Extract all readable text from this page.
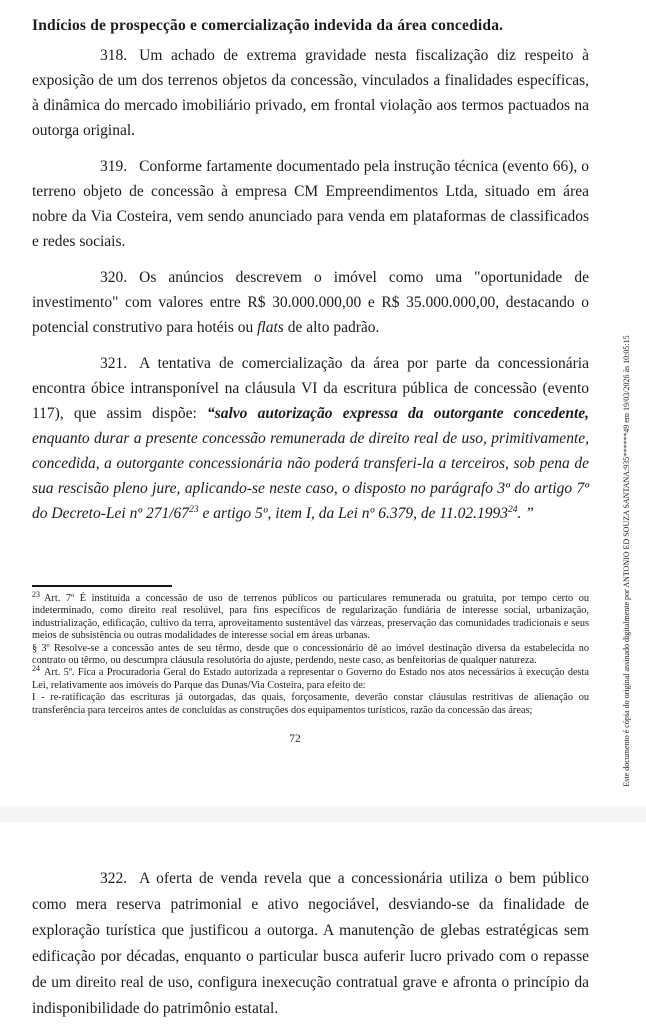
Indícios de prospecção e comercialização indevida da área concedida.

318. Um achado de extrema gravidade nesta fiscalização diz respeito à exposição de um dos terrenos objetos da concessão, vinculados a finalidades específicas, à dinâmica do mercado imobiliário privado, em frontal violação aos termos pactuados na outorga original.

319. Conforme fartamente documentado pela instrução técnica (evento 66), o terreno objeto de concessão à empresa CM Empreendimentos Ltda, situado em área nobre da Via Costeira, vem sendo anunciado para venda em plataformas de classificados e redes sociais.

320. Os anúncios descrevem o imóvel como uma "oportunidade de investimento" com valores entre R$ 30.000.000,00 e R$ 35.000.000,00, destacando o potencial construtivo para hotéis ou flats de alto padrão.

321. A tentativa de comercialização da área por parte da concessionária encontra óbice intransponível na cláusula VI da escritura pública de concessão (evento 117), que assim dispõe: “salvo autorização expressa da outorgante concedente, enquanto durar a presente concessão remunerada de direito real de uso, primitivamente, concedida, a outorgante concessionária não poderá transferi-la a terceiros, sob pena de sua rescisão pleno jure, aplicando-se neste caso, o disposto no parágrafo 3º do artigo 7º do Decreto-Lei nº 271/67$^{23}$ e artigo 5º, item I, da Lei nº 6.379, de 11.02.1993$^{24}$. ”

$^{23}$ Art. 7º É instituída a concessão de uso de terrenos públicos ou particulares remunerada ou gratuita, por tempo certo ou indeterminado, como direito real resolúvel, para fins específicos de regularização fundiária de interesse social, urbanização, industrialização, edificação, cultivo da terra, aproveitamento sustentável das várzeas, preservação das comunidades tradicionais e seus meios de subsistência ou outras modalidades de interesse social em áreas urbanas.

§ 3º Resolve-se a concessão antes de seu têrmo, desde que o concessionário dê ao imóvel destinação diversa da estabelecida no contrato ou têrmo, ou descumpra cláusula resolutória do ajuste, perdendo, neste caso, as benfeitorias de qualquer natureza.

$^{24}$ Art. 5º. Fica a Procuradoria Geral do Estado autorizada a representar o Governo do Estado nos atos necessários à execução desta Lei, relativamente aos imóveis do Parque das Dunas/Via Costeira, para efeito de:

I - re-ratificação das escrituras já outorgadas, das quais, forçosamente, deverão constar cláusulas restritivas de alienação ou transferência para terceiros antes de concluídas as construções dos equipamentos turísticos, razão da concessão das áreas;

72

322. A oferta de venda revela que a concessionária utiliza o bem público como mera reserva patrimonial e ativo negociável, desviando-se da finalidade de exploração turística que justificou a outorga. A manutenção de glebas estratégicas sem edificação por décadas, enquanto o particular busca auferir lucro privado com o repasse de um direito real de uso, configura inexecução contratual grave e afronta o princípio da indisponibilidade do patrimônio estatal.

Este documento é cópia do original assinado digitalmente por ANTONIO ED SOUZA SANTANA:935******49 em 19/03/2026 às 10:05:15
